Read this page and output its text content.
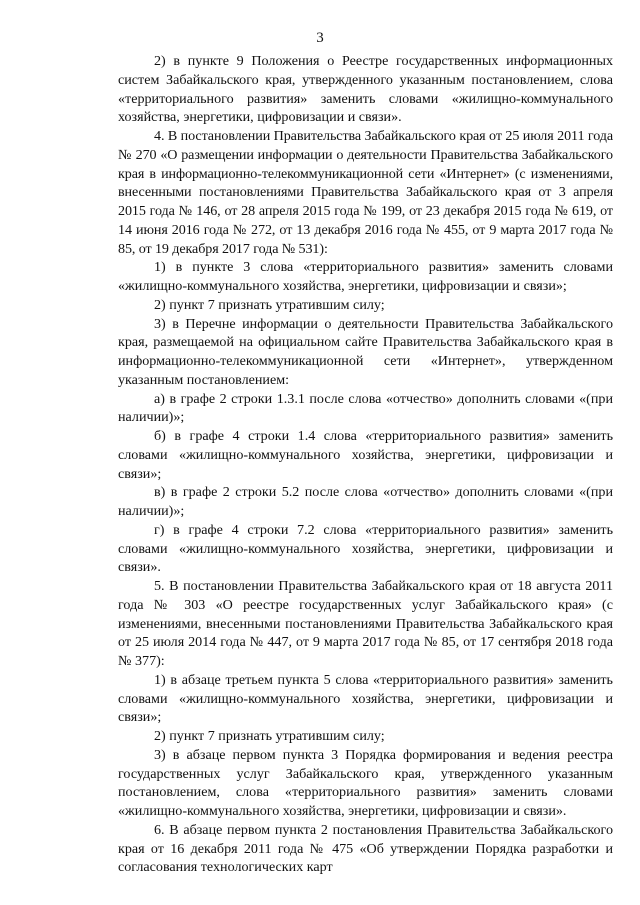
3

2) в пункте 9 Положения о Реестре государственных информационных систем Забайкальского края, утвержденного указанным постановлением, слова «территориального развития» заменить словами «жилищно-коммунального хозяйства, энергетики, цифровизации и связи».

4. В постановлении Правительства Забайкальского края от 25 июля 2011 года № 270 «О размещении информации о деятельности Правительства Забайкальского края в информационно-телекоммуникационной сети «Интернет» (с изменениями, внесенными постановлениями Правительства Забайкальского края от 3 апреля 2015 года № 146, от 28 апреля 2015 года № 199, от 23 декабря 2015 года № 619, от 14 июня 2016 года № 272, от 13 декабря 2016 года № 455, от 9 марта 2017 года № 85, от 19 декабря 2017 года № 531):

1) в пункте 3 слова «территориального развития» заменить словами «жилищно-коммунального хозяйства, энергетики, цифровизации и связи»;

2) пункт 7 признать утратившим силу;

3) в Перечне информации о деятельности Правительства Забайкальского края, размещаемой на официальном сайте Правительства Забайкальского края в информационно-телекоммуникационной сети «Интернет», утвержденном указанным постановлением:

а) в графе 2 строки 1.3.1 после слова «отчество» дополнить словами «(при наличии)»;

б) в графе 4 строки 1.4 слова «территориального развития» заменить словами «жилищно-коммунального хозяйства, энергетики, цифровизации и связи»;

в) в графе 2 строки 5.2 после слова «отчество» дополнить словами «(при наличии)»;

г) в графе 4 строки 7.2 слова «территориального развития» заменить словами «жилищно-коммунального хозяйства, энергетики, цифровизации и связи».

5. В постановлении Правительства Забайкальского края от 18 августа 2011 года № 303 «О реестре государственных услуг Забайкальского края» (с изменениями, внесенными постановлениями Правительства Забайкальского края от 25 июля 2014 года № 447, от 9 марта 2017 года № 85, от 17 сентября 2018 года № 377):

1) в абзаце третьем пункта 5 слова «территориального развития» заменить словами «жилищно-коммунального хозяйства, энергетики, цифровизации и связи»;

2) пункт 7 признать утратившим силу;

3) в абзаце первом пункта 3 Порядка формирования и ведения реестра государственных услуг Забайкальского края, утвержденного указанным постановлением, слова «территориального развития» заменить словами «жилищно-коммунального хозяйства, энергетики, цифровизации и связи».

6. В абзаце первом пункта 2 постановления Правительства Забайкальского края от 16 декабря 2011 года № 475 «Об утверждении Порядка разработки и согласования технологических карт
